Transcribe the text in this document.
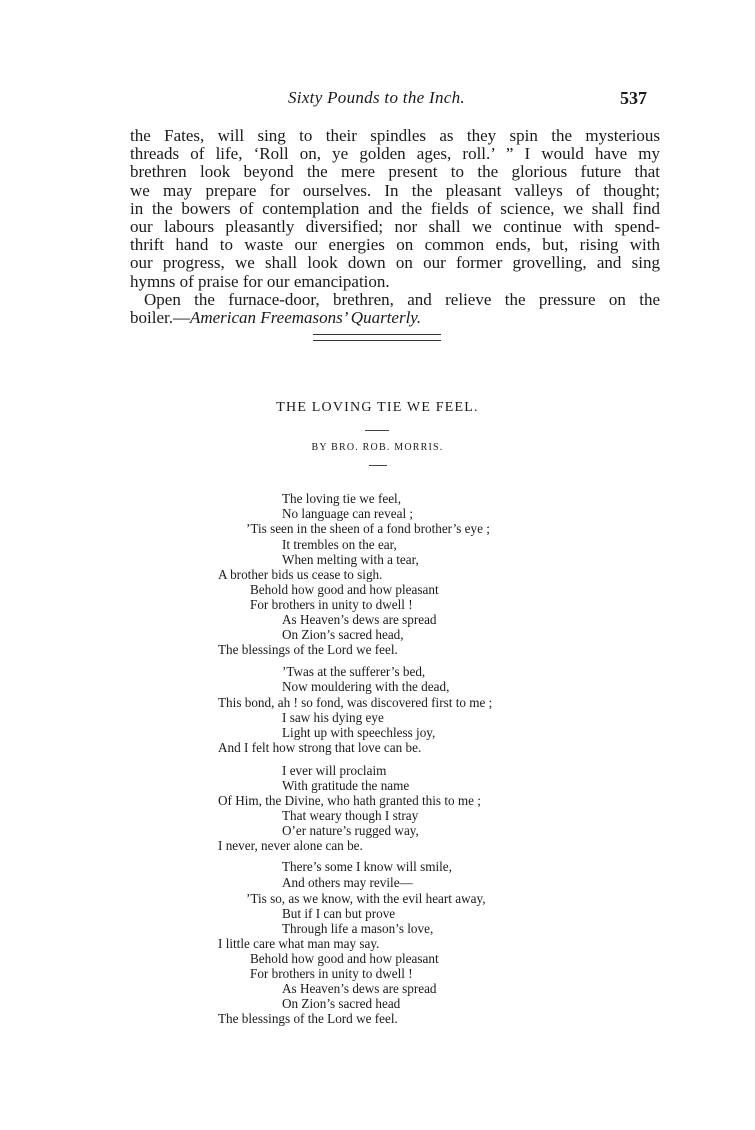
Sixty Pounds to the Inch.	537

the Fates, will sing to their spindles as they spin the mysterious
threads of life, ‘Roll on, ye golden ages, roll.’ ” I would have my
brethren look beyond the mere present to the glorious future that
we may prepare for ourselves. In the pleasant valleys of thought;
in the bowers of contemplation and the fields of science, we shall find
our labours pleasantly diversified; nor shall we continue with spend-
thrift hand to waste our energies on common ends, but, rising with
our progress, we shall look down on our former grovelling, and sing
hymns of praise for our emancipation.

Open the furnace-door, brethren, and relieve the pressure on the
boiler.—American Freemasons’ Quarterly.

THE LOVING TIE WE FEEL.
BY BRO. ROB. MORRIS.
The loving tie we feel,
No language can reveal ;
’Tis seen in the sheen of a fond brother’s eye ;
It trembles on the ear,
When melting with a tear,
A brother bids us cease to sigh.
Behold how good and how pleasant
For brothers in unity to dwell !
As Heaven’s dews are spread
On Zion’s sacred head,
The blessings of the Lord we feel.
’Twas at the sufferer’s bed,
Now mouldering with the dead,
This bond, ah ! so fond, was discovered first to me ;
I saw his dying eye
Light up with speechless joy,
And I felt how strong that love can be.
I ever will proclaim
With gratitude the name
Of Him, the Divine, who hath granted this to me ;
That weary though I stray
O’er nature’s rugged way,
I never, never alone can be.
There’s some I know will smile,
And others may revile—
’Tis so, as we know, with the evil heart away,
But if I can but prove
Through life a mason’s love,
I little care what man may say.
Behold how good and how pleasant
For brothers in unity to dwell !
As Heaven’s dews are spread
On Zion’s sacred head
The blessings of the Lord we feel.
